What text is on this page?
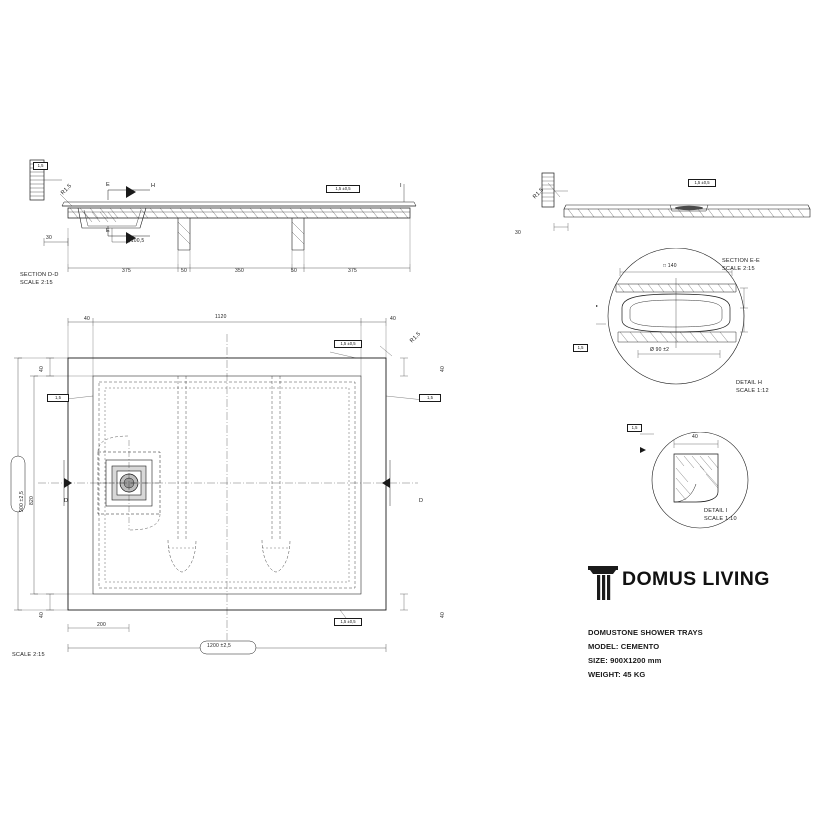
E
E
H	I
R1,5
30	□ 100,5
375	50	350	50	375
SECTION D-D
SCALE 2:15
1,5
1,5 ±0,5	R1,5
30
SECTION E-E
SCALE 2:15
1,5 ±0,5
□ 140
Ø 90 ±2
DETAIL H
SCALE 1:12
1,5
40
DETAIL I
SCALE 1:10
1,5
40	1120	40
R1,5
40
40
820
900 ±2,5
40
40
D	D
200
1200 ±2,5
SCALE 2:15
1,5 ±0,5
1,5	1,5
1,5 ±0,5
DOMUS LIVING
DOMUSTONE SHOWER TRAYS
MODEL: CEMENTO
SIZE: 900X1200 mm
WEIGHT: 45 KG
